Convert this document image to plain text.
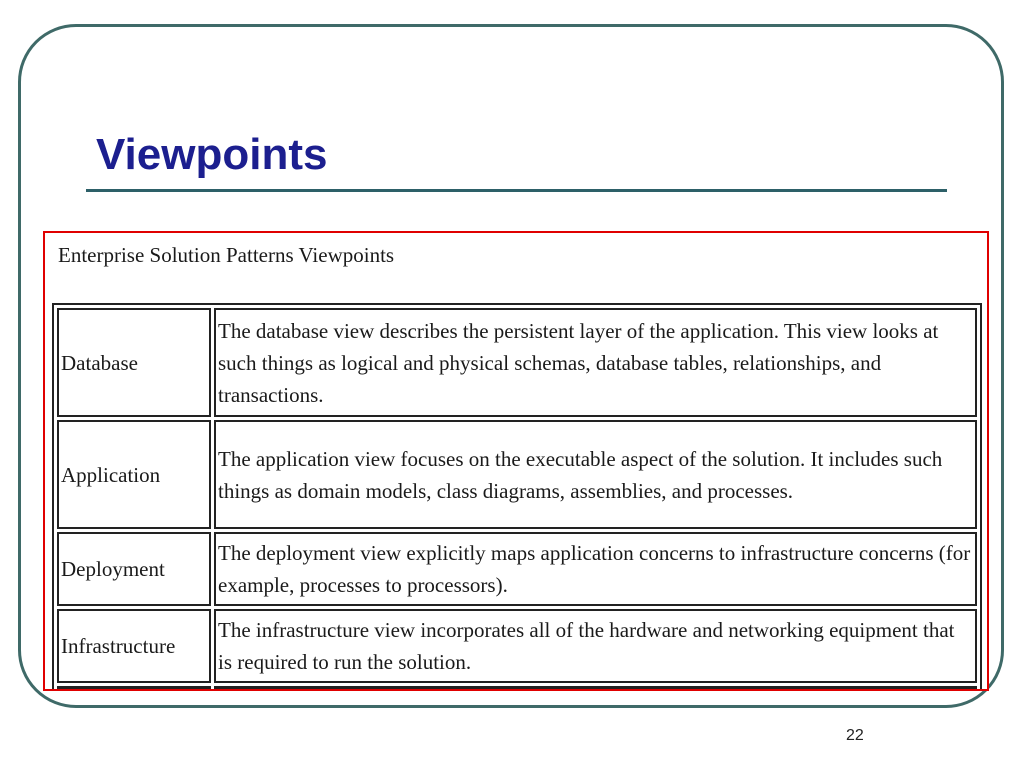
Viewpoints

Enterprise Solution Patterns Viewpoints

Database	The database view describes the persistent layer of the application. This view looks at such things as logical and physical schemas, database tables, relationships, and transactions.
Application	The application view focuses on the executable aspect of the solution. It includes such things as domain models, class diagrams, assemblies, and processes.
Deployment	The deployment view explicitly maps application concerns to infrastructure concerns (for example, processes to processors).
Infrastructure	The infrastructure view incorporates all of the hardware and networking equipment that is required to run the solution.

22
